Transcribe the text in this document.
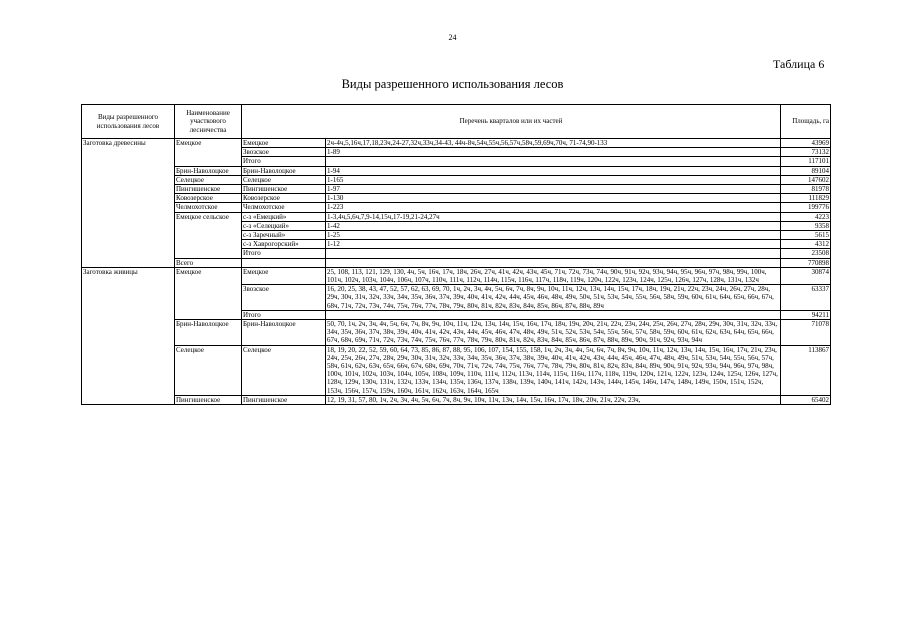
24
Таблица 6
Виды разрешенного использования лесов
Виды разрешенного использования лесов	Наименование участкового лесничества	Перечень кварталов или их частей		Площадь, га
Заготовка древесины	Емецкое	Емецкое	2ч-4ч,5,16ч,17,18,23ч,24-27,32ч,33ч,34-43, 44ч-8ч,54ч,55ч,56,57ч,58ч,59,69ч,70ч, 71-74,90-133	43969
		Звозское	1-89	73132
		Итого		117101
	Брин-Наволоцкое	Брин-Наволоцкое	1-94	89104
	Селецкое	Селецкое	1-165	147602
	Пингишенское	Пингишенское	1-97	81978
	Ковозерское	Ковозерское	1-130	111829
	Челмохотское	Челмохотское	1-223	199776
	Емецкое сельское	с-з «Емецкий»	1-3,4ч,5,6ч,7,9-14,15ч,17-19,21-24,27ч	4223
		с-з «Селецкий»	1-42	9358
		с-з Заречный»	1-25	5615
		с-з Хаврогорский»	1-12	4312
		Итого		23508
	Всего			770898
Заготовка живицы	Емецкое	Емецкое	25, 108, 113, 121, 129, 130, 4ч, 5ч, 16ч, 17ч, 18ч, 26ч, 27ч, 41ч, 42ч, 43ч, 45ч, 71ч, 72ч, 73ч, 74ч, 90ч, 91ч, 92ч, 93ч, 94ч, 95ч, 96ч, 97ч, 98ч, 99ч, 100ч, 101ч, 102ч, 103ч, 104ч, 106ч, 107ч, 110ч, 111ч, 112ч, 114ч, 115ч, 116ч, 117ч, 118ч, 119ч, 120ч, 122ч, 123ч, 124ч, 125ч, 126ч, 127ч, 128ч, 131ч, 132ч	30874
		Звозское	16, 20, 25, 38, 43, 47, 52, 57, 62, 63, 69, 70, 1ч, 2ч, 3ч, 4ч, 5ч, 6ч, 7ч, 8ч, 9ч, 10ч, 11ч, 12ч, 13ч, 14ч, 15ч, 17ч, 18ч, 19ч, 21ч, 22ч, 23ч, 24ч, 26ч, 27ч, 28ч, 29ч, 30ч, 31ч, 32ч, 33ч, 34ч, 35ч, 36ч, 37ч, 39ч, 40ч, 41ч, 42ч, 44ч, 45ч, 46ч, 48ч, 49ч, 50ч, 51ч, 53ч, 54ч, 55ч, 56ч, 58ч, 59ч, 60ч, 61ч, 64ч, 65ч, 66ч, 67ч, 68ч, 71ч, 72ч, 73ч, 74ч, 75ч, 76ч, 77ч, 78ч, 79ч, 80ч, 81ч, 82ч, 83ч, 84ч, 85ч, 86ч, 87ч, 88ч, 89ч	63337
		Итого		94211
	Брин-Наволоцкое	Брин-Наволоцкое	50, 70, 1ч, 2ч, 3ч, 4ч, 5ч, 6ч, 7ч, 8ч, 9ч, 10ч, 11ч, 12ч, 13ч, 14ч, 15ч, 16ч, 17ч, 18ч, 19ч, 20ч, 21ч, 22ч, 23ч, 24ч, 25ч, 26ч, 27ч, 28ч, 29ч, 30ч, 31ч, 32ч, 33ч, 34ч, 35ч, 36ч, 37ч, 38ч, 39ч, 40ч, 41ч, 42ч, 43ч, 44ч, 45ч, 46ч, 47ч, 48ч, 49ч, 51ч, 52ч, 53ч, 54ч, 55ч, 56ч, 57ч, 58ч, 59ч, 60ч, 61ч, 62ч, 63ч, 64ч, 65ч, 66ч, 67ч, 68ч, 69ч, 71ч, 72ч, 73ч, 74ч, 75ч, 76ч, 77ч, 78ч, 79ч, 80ч, 81ч, 82ч, 83ч, 84ч, 85ч, 86ч, 87ч, 88ч, 89ч, 90ч, 91ч, 92ч, 93ч, 94ч	71078
	Селецкое	Селецкое	18, 19, 20, 22, 52, 59, 60, 64, 73, 85, 86, 87, 88, 95, 106, 107, 154, 155, 158, 1ч, 2ч, 3ч, 4ч, 5ч, 6ч, 7ч, 8ч, 9ч, 10ч, 11ч, 12ч, 13ч, 14ч, 15ч, 16ч, 17ч, 21ч, 23ч, 24ч, 25ч, 26ч, 27ч, 28ч, 29ч, 30ч, 31ч, 32ч, 33ч, 34ч, 35ч, 36ч, 37ч, 38ч, 39ч, 40ч, 41ч, 42ч, 43ч, 44ч, 45ч, 46ч, 47ч, 48ч, 49ч, 51ч, 53ч, 54ч, 55ч, 56ч, 57ч, 58ч, 61ч, 62ч, 63ч, 65ч, 66ч, 67ч, 68ч, 69ч, 70ч, 71ч, 72ч, 74ч, 75ч, 76ч, 77ч, 78ч, 79ч, 80ч, 81ч, 82ч, 83ч, 84ч, 89ч, 90ч, 91ч, 92ч, 93ч, 94ч, 96ч, 97ч, 98ч, 100ч, 101ч, 102ч, 103ч, 104ч, 105ч, 108ч, 109ч, 110ч, 111ч, 112ч, 113ч, 114ч, 115ч, 116ч, 117ч, 118ч, 119ч, 120ч, 121ч, 122ч, 123ч, 124ч, 125ч, 126ч, 127ч, 128ч, 129ч, 130ч, 131ч, 132ч, 133ч, 134ч, 135ч, 136ч, 137ч, 138ч, 139ч, 140ч, 141ч, 142ч, 143ч, 144ч, 145ч, 146ч, 147ч, 148ч, 149ч, 150ч, 151ч, 152ч, 153ч, 156ч, 157ч, 159ч, 160ч, 161ч, 162ч, 163ч, 164ч, 165ч	113867
	Пингишенское	Пингишенское	12, 19, 31, 57, 80, 1ч, 2ч, 3ч, 4ч, 5ч, 6ч, 7ч, 8ч, 9ч, 10ч, 11ч, 13ч, 14ч, 15ч, 16ч, 17ч, 18ч, 20ч, 21ч, 22ч, 23ч,	65402
